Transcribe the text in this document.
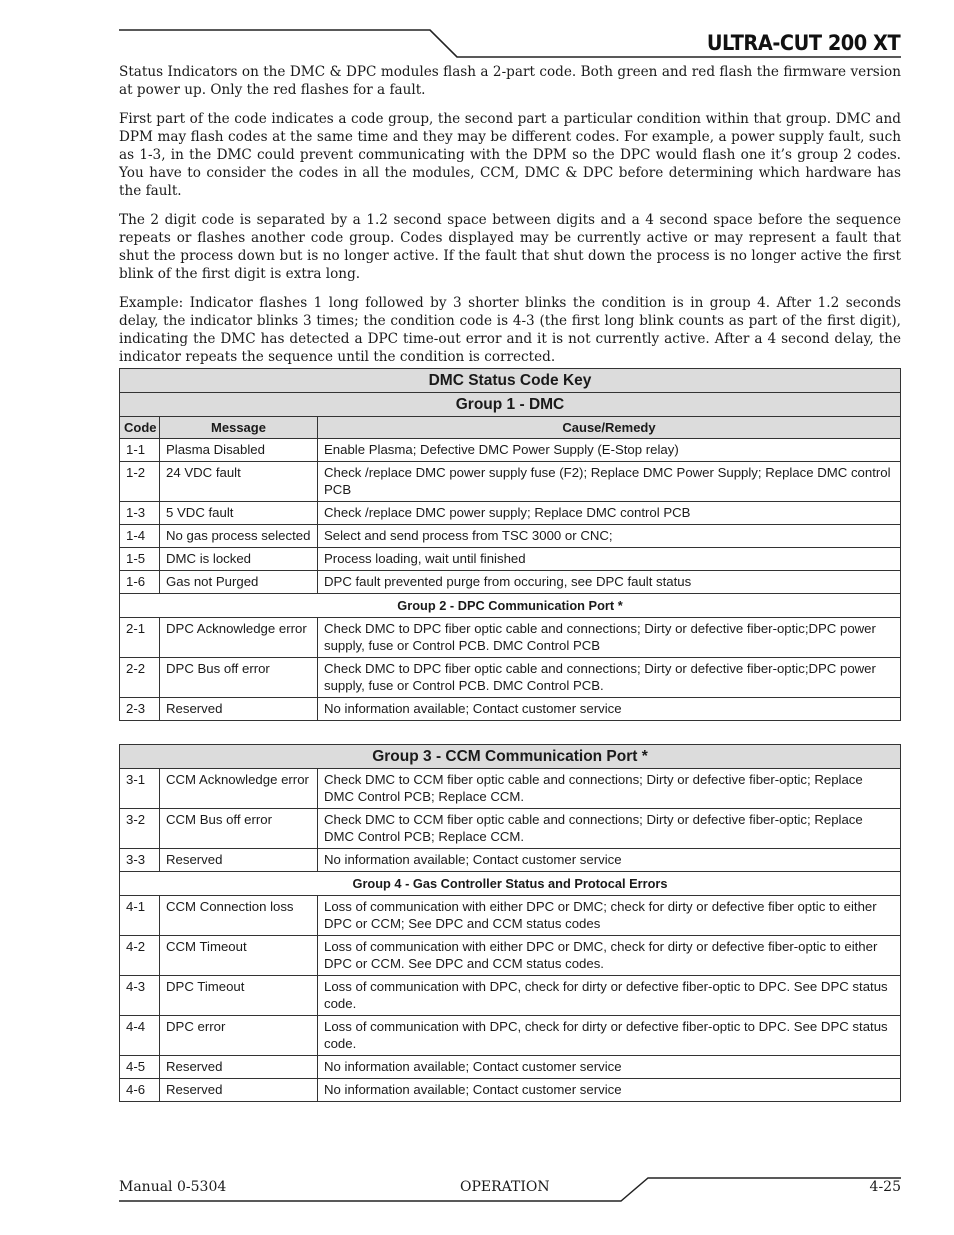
ULTRA-CUT 200 XT

Status Indicators on the DMC & DPC modules flash a 2-part code. Both green and red flash the firmware version at power up. Only the red flashes for a fault.

First part of the code indicates a code group, the second part a particular condition within that group. DMC and DPM may flash codes at the same time and they may be different codes. For example, a power supply fault, such as 1-3, in the DMC could prevent communicating with the DPM so the DPC would flash one it’s group 2 codes. You have to consider the codes in all the modules, CCM, DMC & DPC before determining which hardware has the fault.

The 2 digit code is separated by a 1.2 second space between digits and a 4 second space before the sequence repeats or flashes another code group. Codes displayed may be currently active or may represent a fault that shut the process down but is no longer active. If the fault that shut down the process is no longer active the first blink of the first digit is extra long.

Example: Indicator flashes 1 long followed by 3 shorter blinks the condition is in group 4. After 1.2 seconds delay, the indicator blinks 3 times; the condition code is 4-3 (the first long blink counts as part of the first digit), indicating the DMC has detected a DPC time-out error and it is not currently active. After a 4 second delay, the indicator repeats the sequence until the condition is corrected.

DMC Status Code Key		
Group 1 - DMC		
Code	Message	Cause/Remedy
1-1	Plasma Disabled	Enable Plasma; Defective DMC Power Supply (E-Stop relay)
1-2	24 VDC fault	Check /replace DMC power supply fuse (F2); Replace DMC Power Supply; Replace DMC control PCB
1-3	5 VDC fault	Check /replace DMC power supply; Replace DMC control PCB
1-4	No gas process selected	Select and send process from TSC 3000 or CNC;
1-5	DMC is locked	Process loading, wait until finished
1-6	Gas not Purged	DPC fault prevented purge from occuring, see DPC fault status
Group 2 - DPC Communication Port *		
2-1	DPC Acknowledge error	Check DMC to DPC fiber optic cable and connections; Dirty or defective fiber-optic;DPC power supply, fuse or Control PCB. DMC Control PCB
2-2	DPC Bus off error	Check DMC to DPC fiber optic cable and connections; Dirty or defective fiber-optic;DPC power supply, fuse or Control PCB. DMC Control PCB.
2-3	Reserved	No information available; Contact customer service
Group 3 - CCM Communication Port *		
3-1	CCM Acknowledge error	Check DMC to CCM fiber optic cable and connections; Dirty or defective fiber-optic; Replace DMC Control PCB; Replace CCM.
3-2	CCM Bus off error	Check DMC to CCM fiber optic cable and connections; Dirty or defective fiber-optic; Replace DMC Control PCB; Replace CCM.
3-3	Reserved	No information available; Contact customer service
Group 4 - Gas Controller Status and Protocal Errors		
4-1	CCM Connection loss	Loss of communication with either DPC or DMC; check for dirty or defective fiber optic to either DPC or CCM; See DPC and CCM status codes
4-2	CCM Timeout	Loss of communication with either DPC or DMC, check for dirty or defective fiber-optic to either DPC or CCM. See DPC and CCM status codes.
4-3	DPC Timeout	Loss of communication with DPC, check for dirty or defective fiber-optic to DPC. See DPC status code.
4-4	DPC error	Loss of communication with DPC, check for dirty or defective fiber-optic to DPC. See DPC status code.
4-5	Reserved	No information available; Contact customer service
4-6	Reserved	No information available; Contact customer service
Manual 0-5304	OPERATION	4-25
